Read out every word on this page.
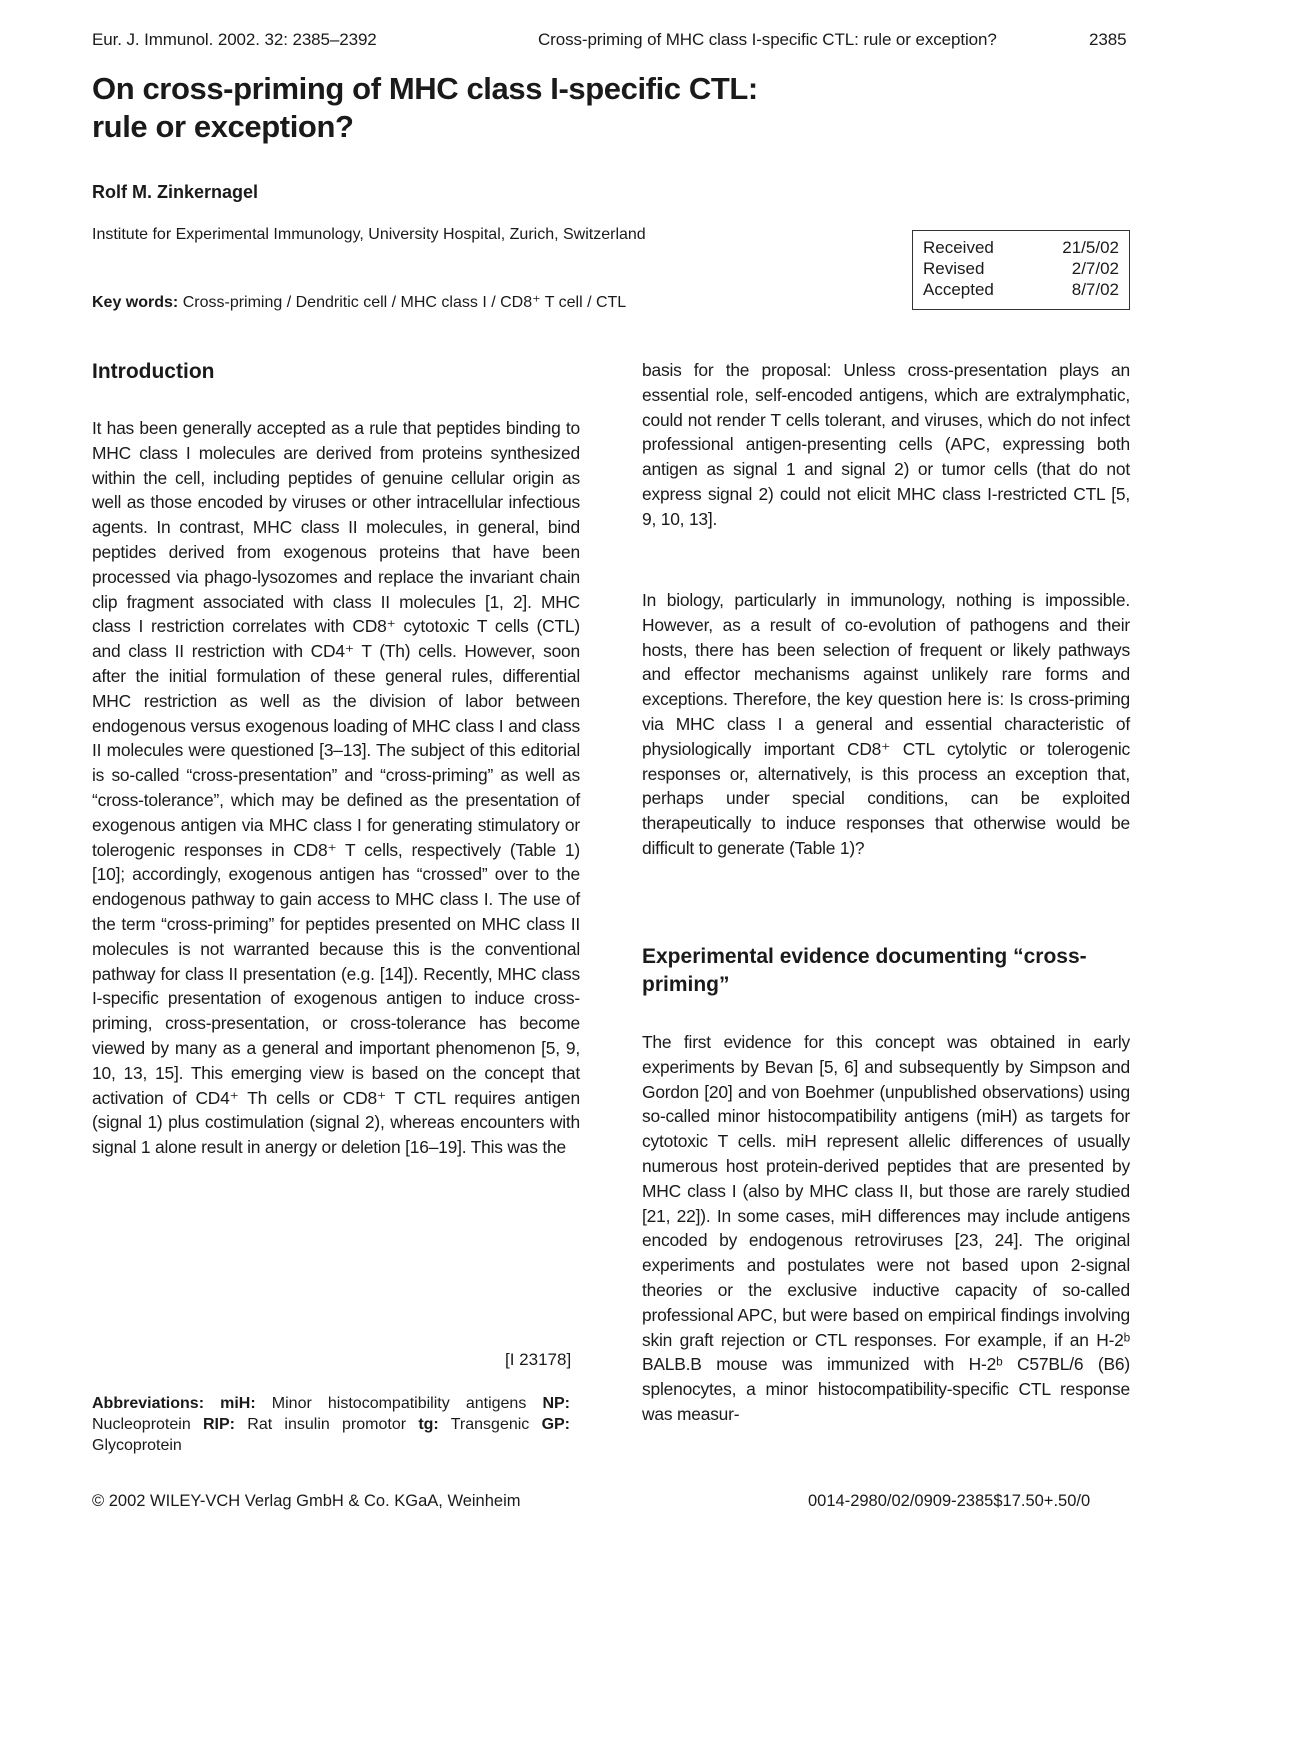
Eur. J. Immunol. 2002. 32: 2385–2392	Cross-priming of MHC class I-specific CTL: rule or exception?	2385
On cross-priming of MHC class I-specific CTL:
rule or exception?
Rolf M. Zinkernagel
Institute for Experimental Immunology, University Hospital, Zurich, Switzerland
Key words: Cross-priming / Dendritic cell / MHC class I / CD8⁺ T cell / CTL
Received	21/5/02
Revised	2/7/02
Accepted	8/7/02
Introduction

It has been generally accepted as a rule that peptides binding to MHC class I molecules are derived from proteins synthesized within the cell, including peptides of genuine cellular origin as well as those encoded by viruses or other intracellular infectious agents. In contrast, MHC class II molecules, in general, bind peptides derived from exogenous proteins that have been processed via phago-lysozomes and replace the invariant chain clip fragment associated with class II molecules [1, 2]. MHC class I restriction correlates with CD8⁺ cytotoxic T cells (CTL) and class II restriction with CD4⁺ T (Th) cells. However, soon after the initial formulation of these general rules, differential MHC restriction as well as the division of labor between endogenous versus exogenous loading of MHC class I and class II molecules were questioned [3–13]. The subject of this editorial is so-called “cross-presentation” and “cross-priming” as well as “cross-tolerance”, which may be defined as the presentation of exogenous antigen via MHC class I for generating stimulatory or tolerogenic responses in CD8⁺ T cells, respectively (Table 1) [10]; accordingly, exogenous antigen has “crossed” over to the endogenous pathway to gain access to MHC class I. The use of the term “cross-priming” for peptides presented on MHC class II molecules is not warranted because this is the conventional pathway for class II presentation (e.g. [14]). Recently, MHC class I-specific presentation of exogenous antigen to induce cross-priming, cross-presentation, or cross-tolerance has become viewed by many as a general and important phenomenon [5, 9, 10, 13, 15]. This emerging view is based on the concept that activation of CD4⁺ Th cells or CD8⁺ T CTL requires antigen (signal 1) plus costimulation (signal 2), whereas encounters with signal 1 alone result in anergy or deletion [16–19]. This was the

[I 23178]
Abbreviations: miH: Minor histocompatibility antigens NP: Nucleoprotein RIP: Rat insulin promotor tg: Transgenic GP: Glycoprotein

basis for the proposal: Unless cross-presentation plays an essential role, self-encoded antigens, which are extralymphatic, could not render T cells tolerant, and viruses, which do not infect professional antigen-presenting cells (APC, expressing both antigen as signal 1 and signal 2) or tumor cells (that do not express signal 2) could not elicit MHC class I-restricted CTL [5, 9, 10, 13].

In biology, particularly in immunology, nothing is impossible. However, as a result of co-evolution of pathogens and their hosts, there has been selection of frequent or likely pathways and effector mechanisms against unlikely rare forms and exceptions. Therefore, the key question here is: Is cross-priming via MHC class I a general and essential characteristic of physiologically important CD8⁺ CTL cytolytic or tolerogenic responses or, alternatively, is this process an exception that, perhaps under special conditions, can be exploited therapeutically to induce responses that otherwise would be difficult to generate (Table 1)?

Experimental evidence documenting “cross-priming”

The first evidence for this concept was obtained in early experiments by Bevan [5, 6] and subsequently by Simpson and Gordon [20] and von Boehmer (unpublished observations) using so-called minor histocompatibility antigens (miH) as targets for cytotoxic T cells. miH represent allelic differences of usually numerous host protein-derived peptides that are presented by MHC class I (also by MHC class II, but those are rarely studied [21, 22]). In some cases, miH differences may include antigens encoded by endogenous retroviruses [23, 24]. The original experiments and postulates were not based upon 2-signal theories or the exclusive inductive capacity of so-called professional APC, but were based on empirical findings involving skin graft rejection or CTL responses. For example, if an H-2ᵇ BALB.B mouse was immunized with H-2ᵇ C57BL/6 (B6) splenocytes, a minor histocompatibility-specific CTL response was measur-

© 2002 WILEY-VCH Verlag GmbH & Co. KGaA, Weinheim	0014-2980/02/0909-2385$17.50+.50/0
